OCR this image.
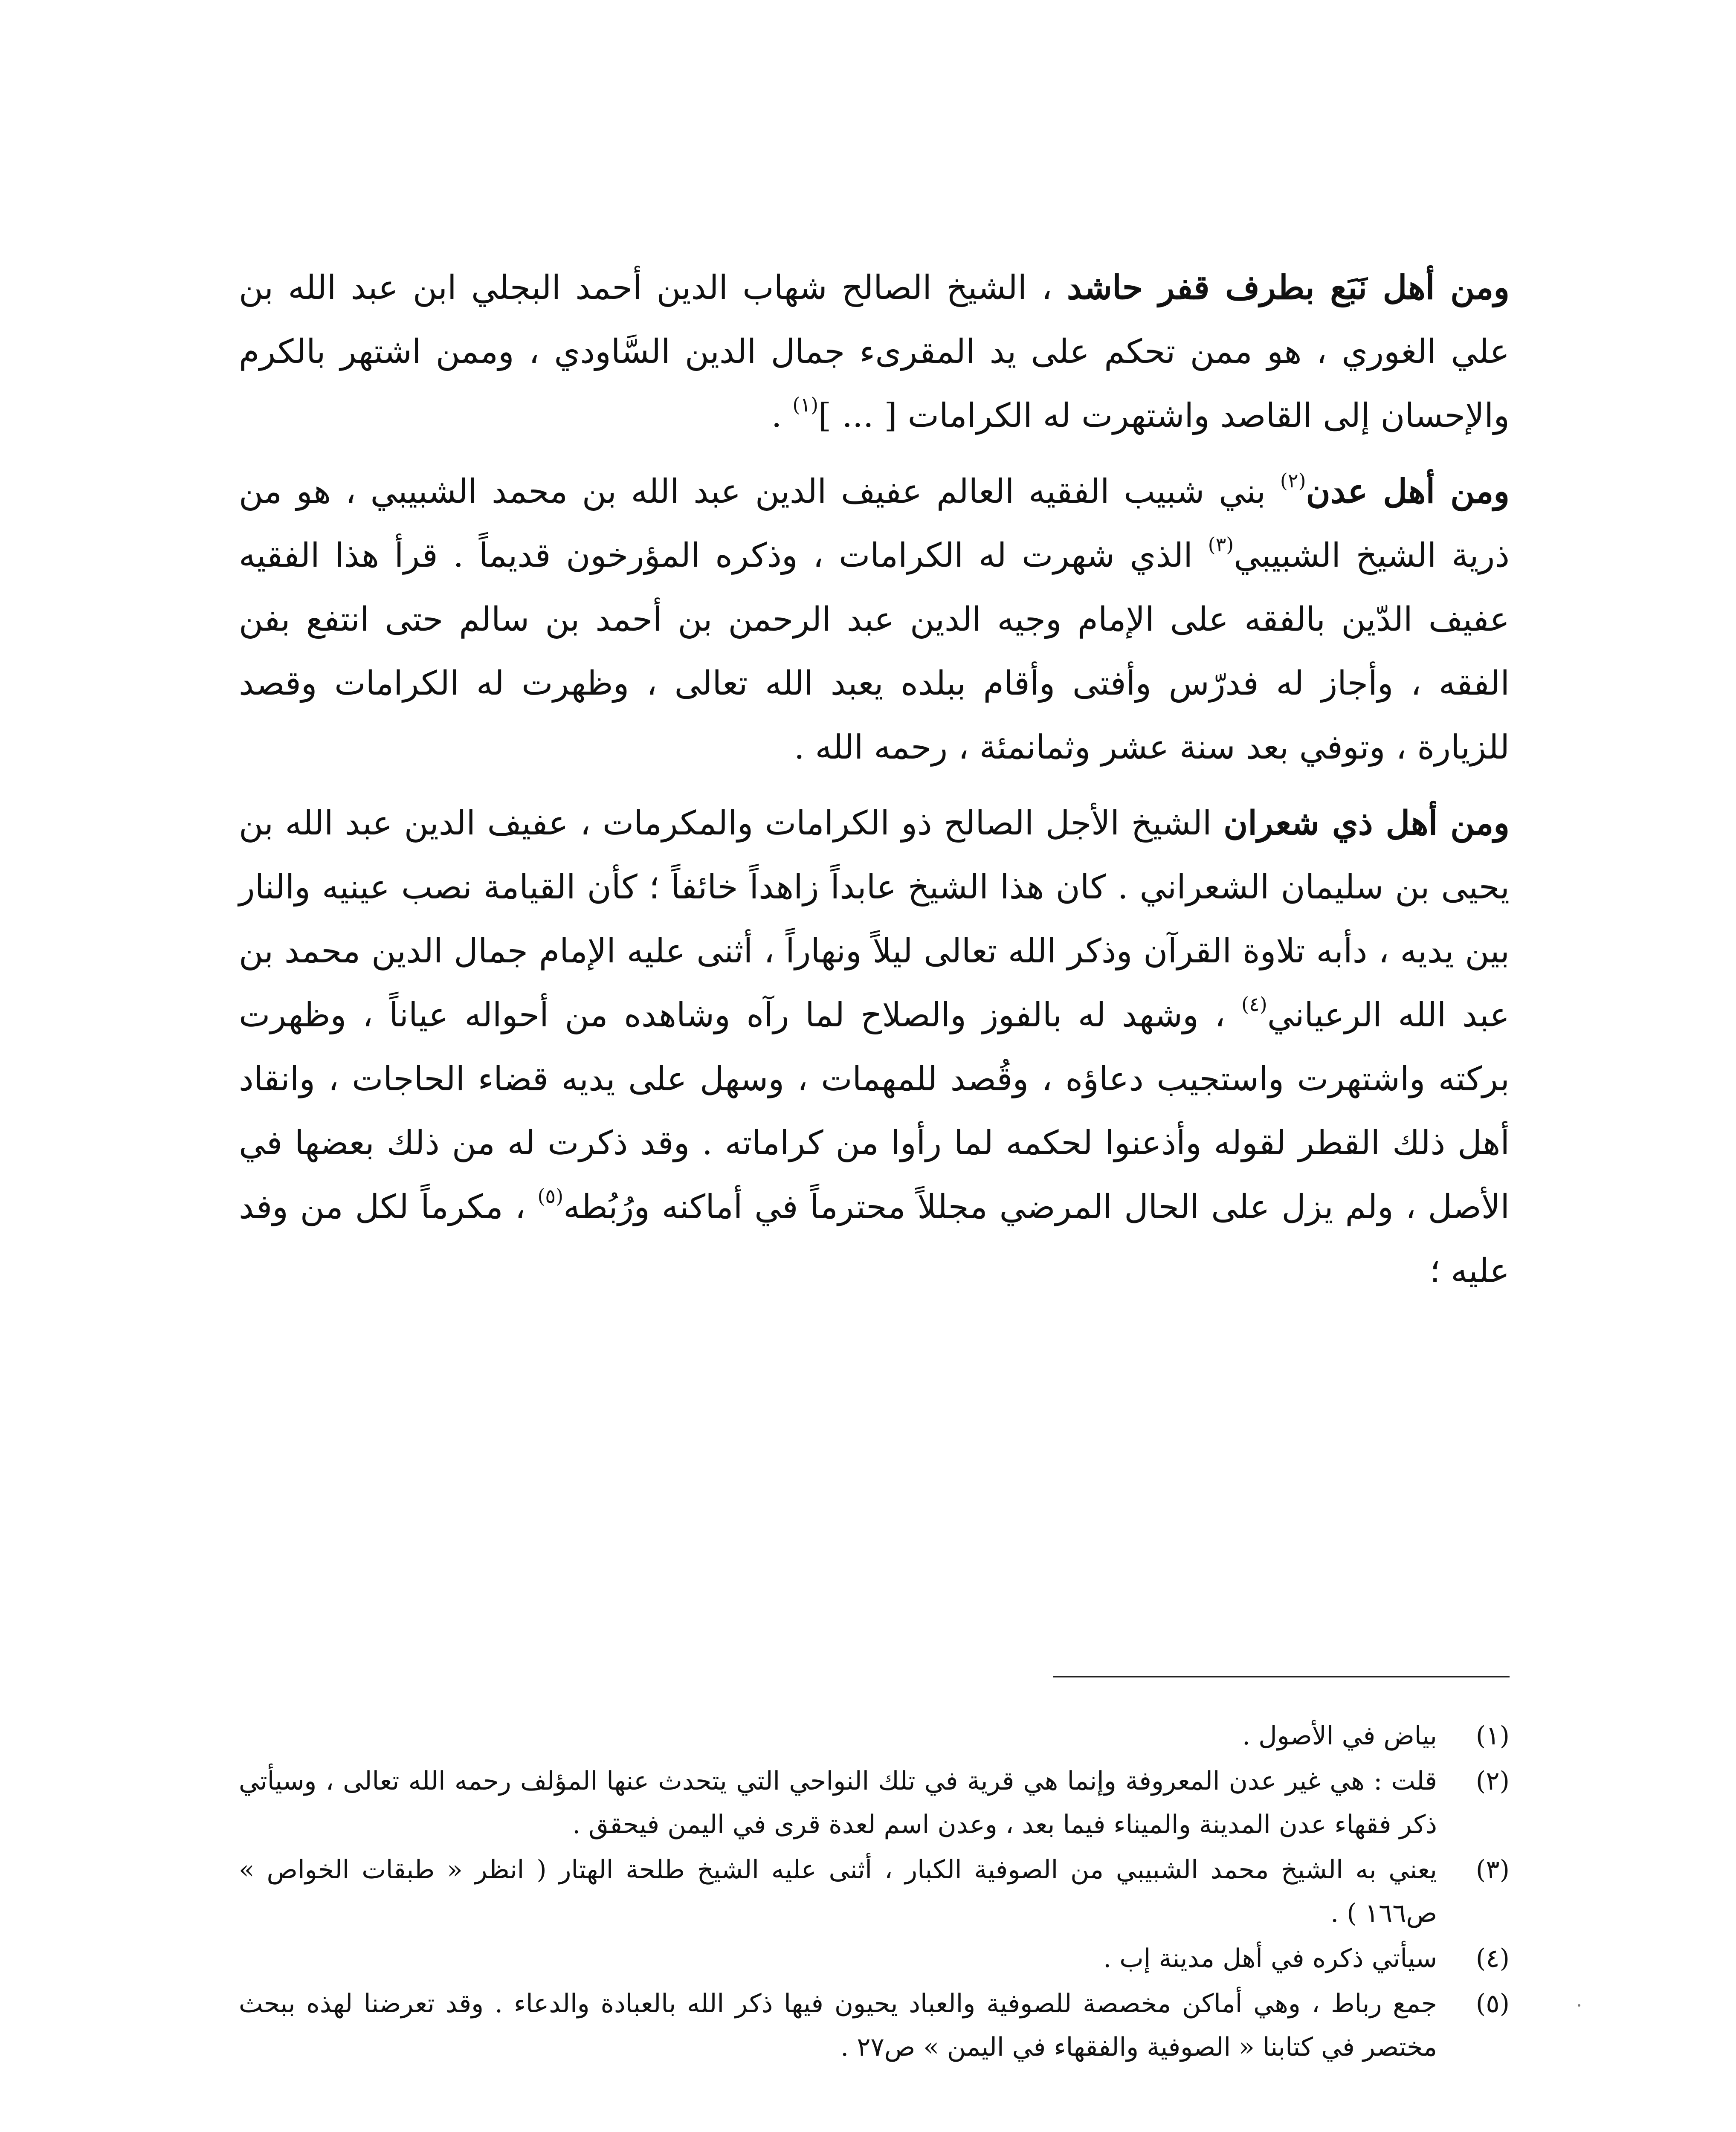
ومن أهل نَبَع بطرف قفر حاشد ، الشيخ الصالح شهاب الدين أحمد البجلي ابن عبد الله بن علي الغوري ، هو ممن تحكم على يد المقرىء جمال الدين السَّاودي ، وممن اشتهر بالكرم والإحسان إلى القاصد واشتهرت له الكرامات [ ... ]$^{(١)}$ .

ومن أهل عدن$^{(٢)}$ بني شبيب الفقيه العالم عفيف الدين عبد الله بن محمد الشبيبي ، هو من ذرية الشيخ الشبيبي$^{(٣)}$ الذي شهرت له الكرامات ، وذكره المؤرخون قديماً . قرأ هذا الفقيه عفيف الدّين بالفقه على الإمام وجيه الدين عبد الرحمن بن أحمد بن سالم حتى انتفع بفن الفقه ، وأجاز له فدرّس وأفتى وأقام ببلده يعبد الله تعالى ، وظهرت له الكرامات وقصد للزيارة ، وتوفي بعد سنة عشر وثمانمئة ، رحمه الله .

ومن أهل ذي شعران الشيخ الأجل الصالح ذو الكرامات والمكرمات ، عفيف الدين عبد الله بن يحيى بن سليمان الشعراني . كان هذا الشيخ عابداً زاهداً خائفاً ؛ كأن القيامة نصب عينيه والنار بين يديه ، دأبه تلاوة القرآن وذكر الله تعالى ليلاً ونهاراً ، أثنى عليه الإمام جمال الدين محمد بن عبد الله الرعياني$^{(٤)}$ ، وشهد له بالفوز والصلاح لما رآه وشاهده من أحواله عياناً ، وظهرت بركته واشتهرت واستجيب دعاؤه ، وقُصد للمهمات ، وسهل على يديه قضاء الحاجات ، وانقاد أهل ذلك القطر لقوله وأذعنوا لحكمه لما رأوا من كراماته . وقد ذكرت له من ذلك بعضها في الأصل ، ولم يزل على الحال المرضي مجللاً محترماً في أماكنه ورُبُطه$^{(٥)}$ ، مكرماً لكل من وفد عليه ؛

(١)
بياض في الأصول .
(٢)
قلت : هي غير عدن المعروفة وإنما هي قرية في تلك النواحي التي يتحدث عنها المؤلف رحمه الله تعالى ، وسيأتي ذكر فقهاء عدن المدينة والميناء فيما بعد ، وعدن اسم لعدة قرى في اليمن فيحقق .
(٣)
يعني به الشيخ محمد الشبيبي من الصوفية الكبار ، أثنى عليه الشيخ طلحة الهتار ( انظر « طبقات الخواص » ص١٦٦ ) .
(٤)
سيأتي ذكره في أهل مدينة إب .
(٥)
جمع رباط ، وهي أماكن مخصصة للصوفية والعباد يحيون فيها ذكر الله بالعبادة والدعاء . وقد تعرضنا لهذه ببحث مختصر في كتابنا « الصوفية والفقهاء في اليمن » ص٢٧ .
